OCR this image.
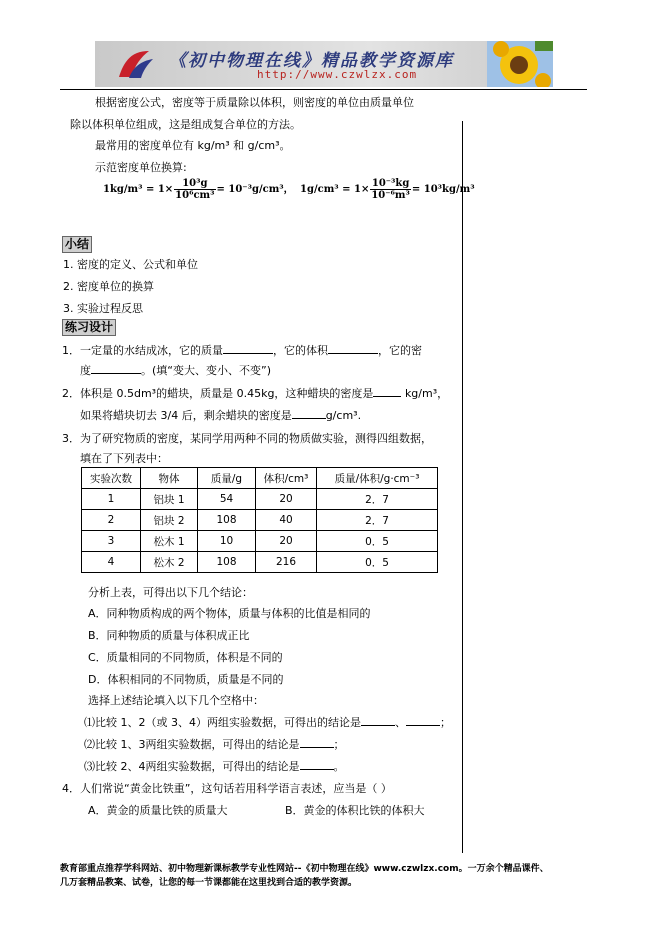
《初中物理在线》精品教学资源库
http://www.czwlzx.com
根据密度公式，密度等于质量除以体积，则密度的单位由质量单位
除以体积单位组成，这是组成复合单位的方法。
最常用的密度单位有 kg/m³ 和 g/cm³。
示范密度单位换算:
$1kg/m^3 = 1\times \frac{\text{10³g}}{\text{10⁶cm³}} = 10^{-3}g/cm^3$， $1g/cm^3 = 1\times \frac{\text{10⁻³kg}}{\text{10⁻⁶m³}} = 10^3kg/m^3$
小结
1. 密度的定义、公式和单位
2. 密度单位的换算
3. 实验过程反思
练习设计
1．一定量的水结成冰，它的质量	，它的体积	，它的密
度	。(填“变大、变小、不变”)
2．体积是 0.5dm³的蜡块，质量是 0.45kg，这种蜡块的密度是	kg/m³，
如果将蜡块切去 3/4 后，剩余蜡块的密度是	g/cm³.
3．为了研究物质的密度，某同学用两种不同的物质做实验，测得四组数据，
填在了下列表中：
实验次数	物体	质量/g	体积/cm³	质量/体积/g·cm⁻³
1	铝块 1	54	20	2．7
2	铝块 2	108	40	2．7
3	松木 1	10	20	0．5
4	松木 2	108	216	0．5
分析上表，可得出以下几个结论：
A．同种物质构成的两个物体，质量与体积的比值是相同的
B．同种物质的质量与体积成正比
C．质量相同的不同物质，体积是不同的
D．体积相同的不同物质，质量是不同的
选择上述结论填入以下几个空格中：
⑴比较 1、2（或 3、4）两组实验数据，可得出的结论是	、	；
⑵比较 1、3两组实验数据，可得出的结论是	；
⑶比较 2、4两组实验数据，可得出的结论是	。
4．人们常说“黄金比铁重”，这句话若用科学语言表述，应当是（ ）
A．黄金的质量比铁的质量大	B．黄金的体积比铁的体积大
教育部重点推荐学科网站、初中物理新课标教学专业性网站--《初中物理在线》www.czwlzx.com。一万余个精品课件、
几万套精品教案、试卷，让您的每一节课都能在这里找到合适的教学资源。
